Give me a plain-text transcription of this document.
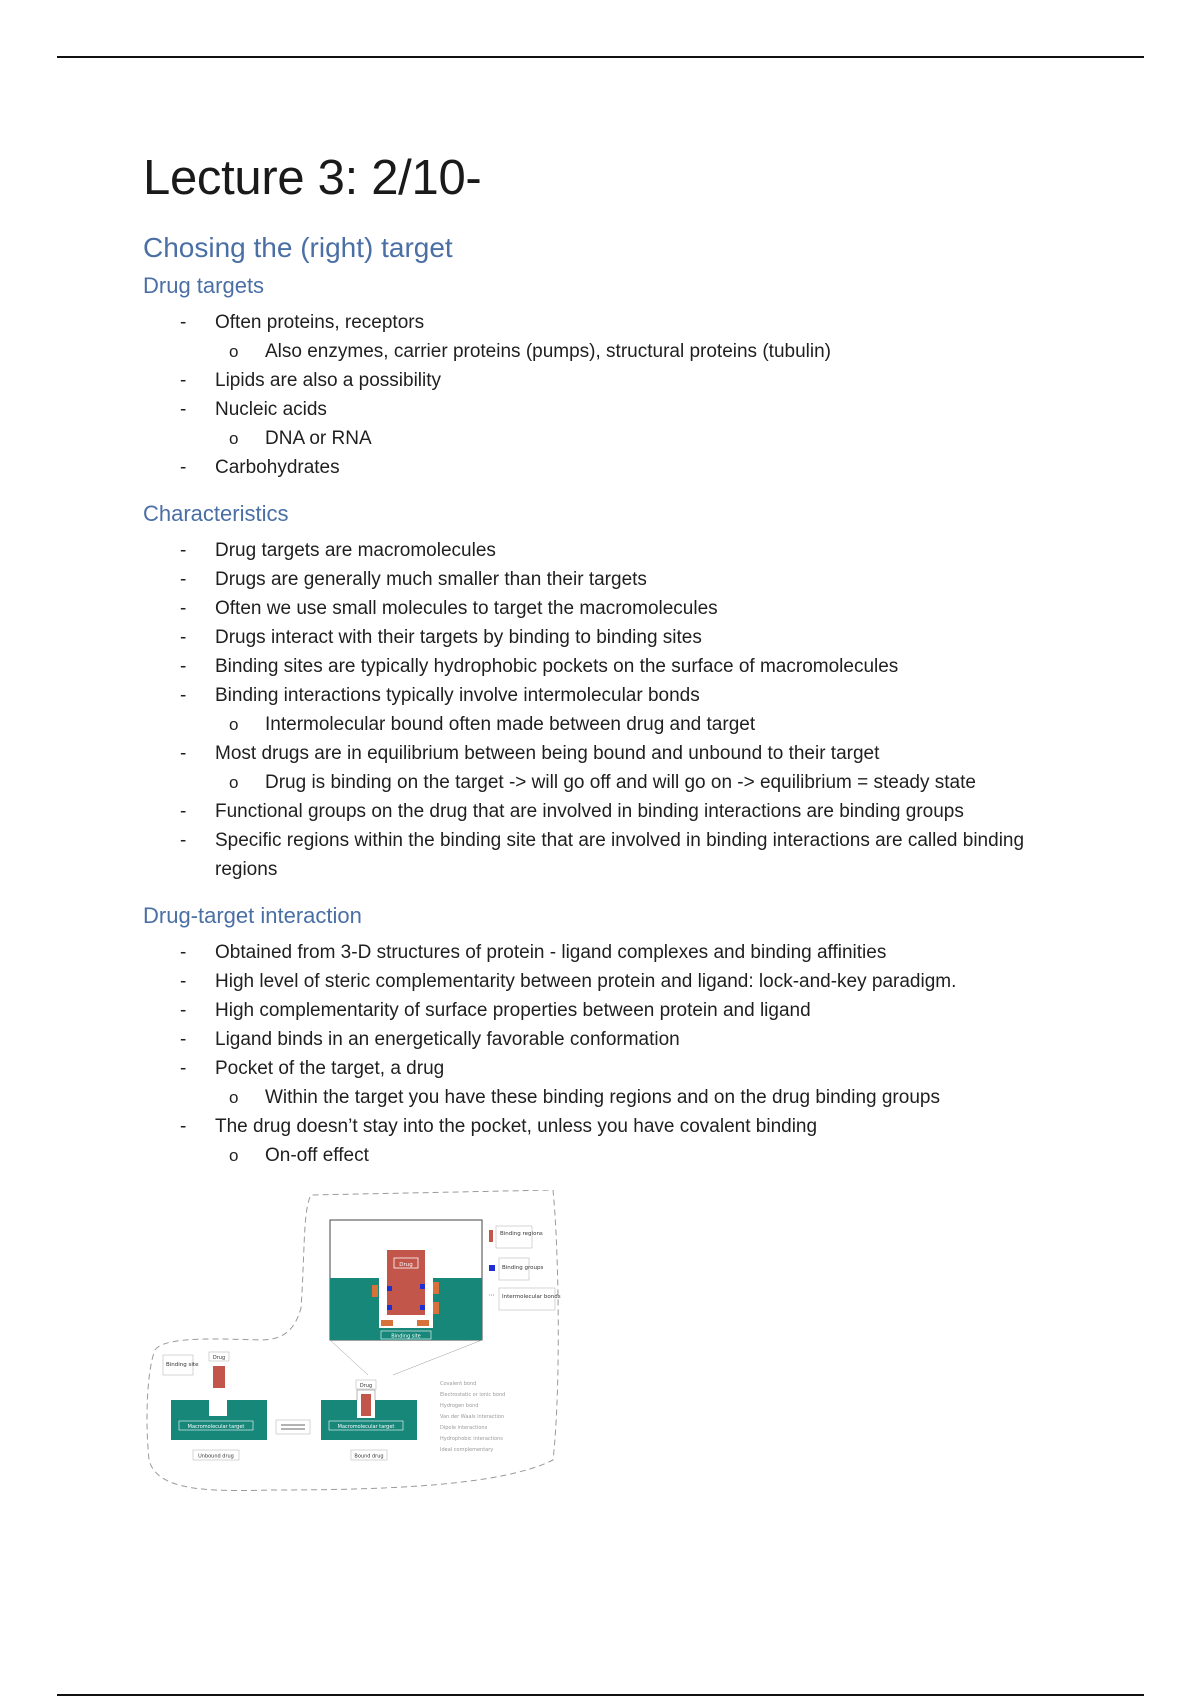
Lecture 3: 2/10-
Chosing the (right) target
Drug targets
- Often proteins, receptors
o Also enzymes, carrier proteins (pumps), structural proteins (tubulin)
- Lipids are also a possibility
- Nucleic acids
o DNA or RNA
- Carbohydrates
Characteristics
- Drug targets are macromolecules
- Drugs are generally much smaller than their targets
- Often we use small molecules to target the macromolecules
- Drugs interact with their targets by binding to binding sites
- Binding sites are typically hydrophobic pockets on the surface of macromolecules
- Binding interactions typically involve intermolecular bonds
o Intermolecular bound often made between drug and target
- Most drugs are in equilibrium between being bound and unbound to their target
o Drug is binding on the target -> will go off and will go on -> equilibrium = steady state
- Functional groups on the drug that are involved in binding interactions are binding groups
- Specific regions within the binding site that are involved in binding interactions are called binding regions
Drug-target interaction
- Obtained from 3-D structures of protein - ligand complexes and binding affinities
- High level of steric complementarity between protein and ligand: lock-and-key paradigm.
- High complementarity of surface properties between protein and ligand
- Ligand binds in an energetically favorable conformation
- Pocket of the target, a drug
o Within the target you have these binding regions and on the drug binding groups
- The drug doesn’t stay into the pocket, unless you have covalent binding
o On-off effect
Drug
Binding site
Binding regions
Binding groups
Intermolecular bonds
Binding site
Drug
Macromolecular target
Drug
Macromolecular target
Unbound drug	Bound drug
Covalent bond
Electrostatic or ionic bond
Hydrogen bond
Van der Waals interaction
Dipole interactions
Hydrophobic interactions
Ideal complementary
